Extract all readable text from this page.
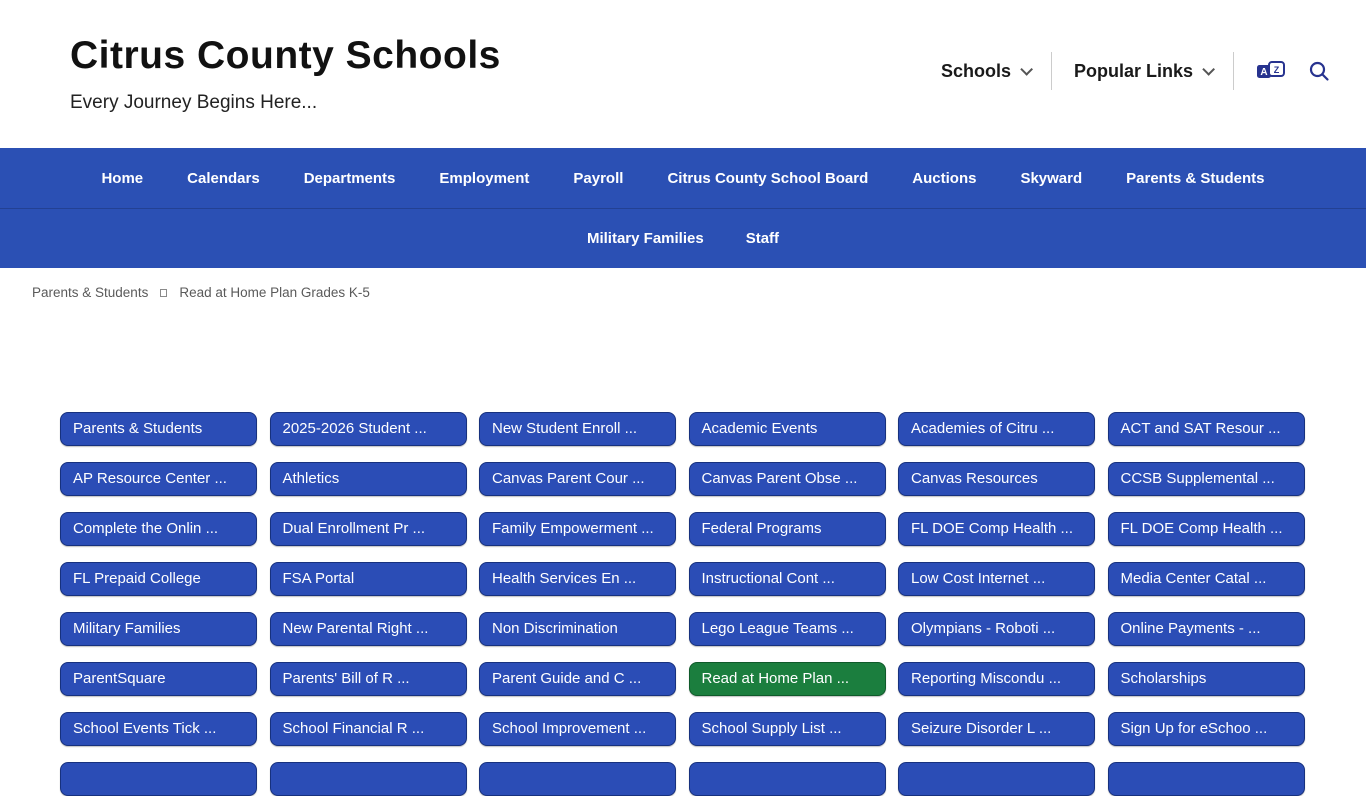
Citrus County Schools
Every Journey Begins Here...
Schools	Popular Links	A Z
Home	Calendars	Departments	Employment	Payroll	Citrus County School Board	Auctions	Skyward	Parents & Students
Military Families	Staff
Parents & Students Read at Home Plan Grades K-5
Parents & Students	2025-2026 Student ...	New Student Enroll ...	Academic Events	Academies of Citru ...	ACT and SAT Resour ...
AP Resource Center ...	Athletics	Canvas Parent Cour ...	Canvas Parent Obse ...	Canvas Resources	CCSB Supplemental ...
Complete the Onlin ...	Dual Enrollment Pr ...	Family Empowerment ...	Federal Programs	FL DOE Comp Health ...	FL DOE Comp Health ...
FL Prepaid College	FSA Portal	Health Services En ...	Instructional Cont ...	Low Cost Internet ...	Media Center Catal ...
Military Families	New Parental Right ...	Non Discrimination	Lego League Teams ...	Olympians - Roboti ...	Online Payments - ...
ParentSquare	Parents' Bill of R ...	Parent Guide and C ...	Read at Home Plan ...	Reporting Miscondu ...	Scholarships
School Events Tick ...	School Financial R ...	School Improvement ...	School Supply List ...	Seizure Disorder L ...	Sign Up for eSchoo ...
